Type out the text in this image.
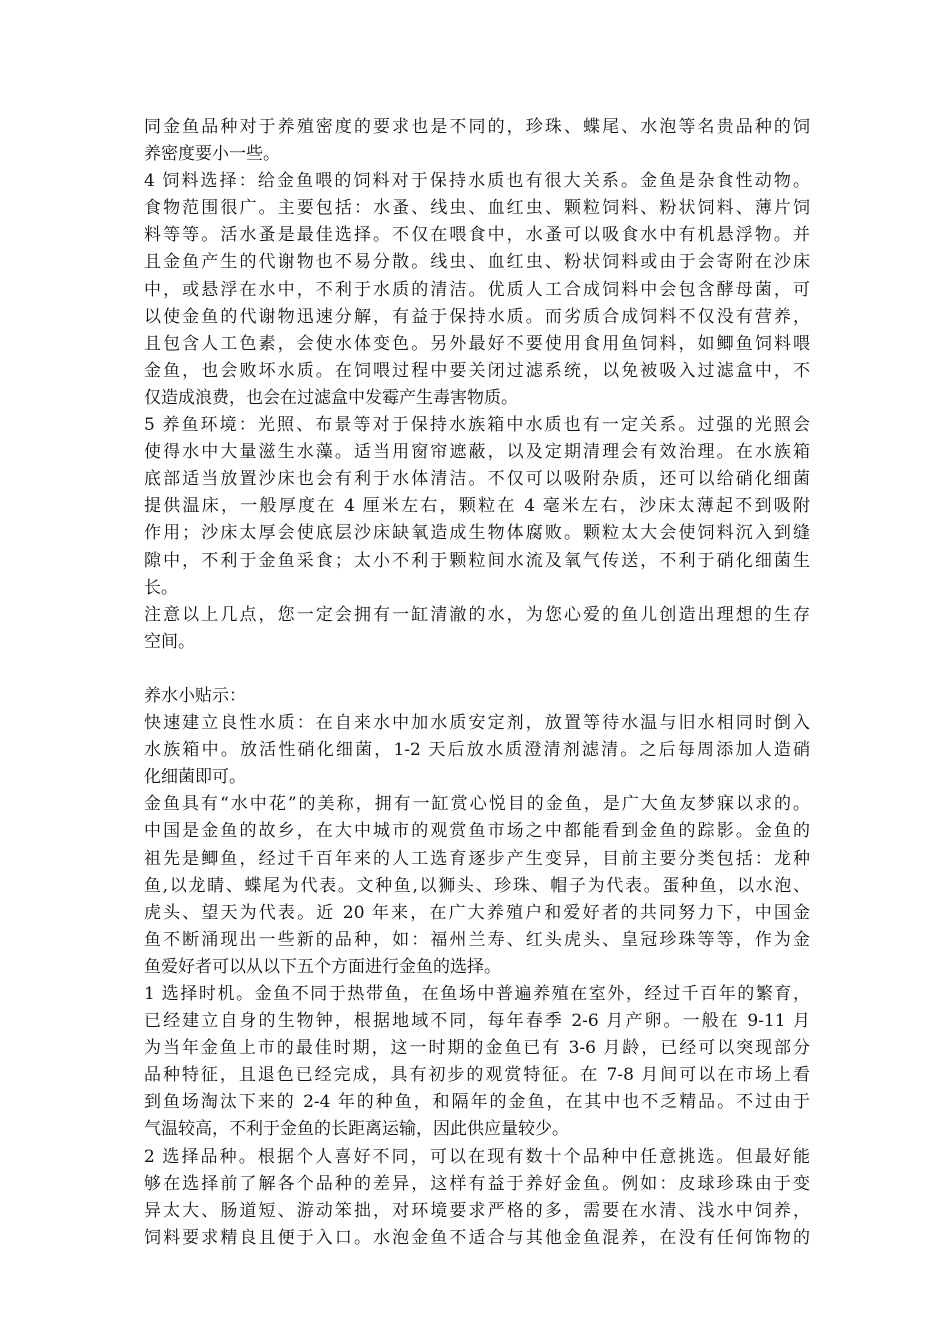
同金鱼品种对于养殖密度的要求也是不同的，珍珠、蝶尾、水泡等名贵品种的饲
养密度要小一些。
4 饲料选择：给金鱼喂的饲料对于保持水质也有很大关系。金鱼是杂食性动物。
食物范围很广。主要包括：水蚤、线虫、血红虫、颗粒饲料、粉状饲料、薄片饲
料等等。活水蚤是最佳选择。不仅在喂食中，水蚤可以吸食水中有机悬浮物。并
且金鱼产生的代谢物也不易分散。线虫、血红虫、粉状饲料或由于会寄附在沙床
中，或悬浮在水中，不利于水质的清洁。优质人工合成饲料中会包含酵母菌，可
以使金鱼的代谢物迅速分解，有益于保持水质。而劣质合成饲料不仅没有营养，
且包含人工色素，会使水体变色。另外最好不要使用食用鱼饲料，如鲫鱼饲料喂
金鱼，也会败坏水质。在饲喂过程中要关闭过滤系统，以免被吸入过滤盒中，不
仅造成浪费，也会在过滤盒中发霉产生毒害物质。
5 养鱼环境：光照、布景等对于保持水族箱中水质也有一定关系。过强的光照会
使得水中大量滋生水藻。适当用窗帘遮蔽，以及定期清理会有效治理。在水族箱
底部适当放置沙床也会有利于水体清洁。不仅可以吸附杂质，还可以给硝化细菌
提供温床，一般厚度在 4 厘米左右，颗粒在 4 毫米左右，沙床太薄起不到吸附
作用；沙床太厚会使底层沙床缺氧造成生物体腐败。颗粒太大会使饲料沉入到缝
隙中，不利于金鱼采食；太小不利于颗粒间水流及氧气传送，不利于硝化细菌生
长。
注意以上几点，您一定会拥有一缸清澈的水，为您心爱的鱼儿创造出理想的生存
空间。
养水小贴示：
快速建立良性水质：在自来水中加水质安定剂，放置等待水温与旧水相同时倒入
水族箱中。放活性硝化细菌，1-2 天后放水质澄清剂滤清。之后每周添加人造硝
化细菌即可。
金鱼具有“水中花”的美称，拥有一缸赏心悦目的金鱼，是广大鱼友梦寐以求的。
中国是金鱼的故乡，在大中城市的观赏鱼市场之中都能看到金鱼的踪影。金鱼的
祖先是鲫鱼，经过千百年来的人工选育逐步产生变异，目前主要分类包括：龙种
鱼,以龙睛、蝶尾为代表。文种鱼,以狮头、珍珠、帽子为代表。蛋种鱼，以水泡、
虎头、望天为代表。近 20 年来，在广大养殖户和爱好者的共同努力下，中国金
鱼不断涌现出一些新的品种，如：福州兰寿、红头虎头、皇冠珍珠等等，作为金
鱼爱好者可以从以下五个方面进行金鱼的选择。
1 选择时机。金鱼不同于热带鱼，在鱼场中普遍养殖在室外，经过千百年的繁育，
已经建立自身的生物钟，根据地域不同，每年春季 2-6 月产卵。一般在 9-11 月
为当年金鱼上市的最佳时期，这一时期的金鱼已有 3-6 月龄，已经可以突现部分
品种特征，且退色已经完成，具有初步的观赏特征。在 7-8 月间可以在市场上看
到鱼场淘汰下来的 2-4 年的种鱼，和隔年的金鱼，在其中也不乏精品。不过由于
气温较高，不利于金鱼的长距离运输，因此供应量较少。
2 选择品种。根据个人喜好不同，可以在现有数十个品种中任意挑选。但最好能
够在选择前了解各个品种的差异，这样有益于养好金鱼。例如：皮球珍珠由于变
异太大、肠道短、游动笨拙，对环境要求严格的多，需要在水清、浅水中饲养，
饲料要求精良且便于入口。水泡金鱼不适合与其他金鱼混养，在没有任何饰物的
